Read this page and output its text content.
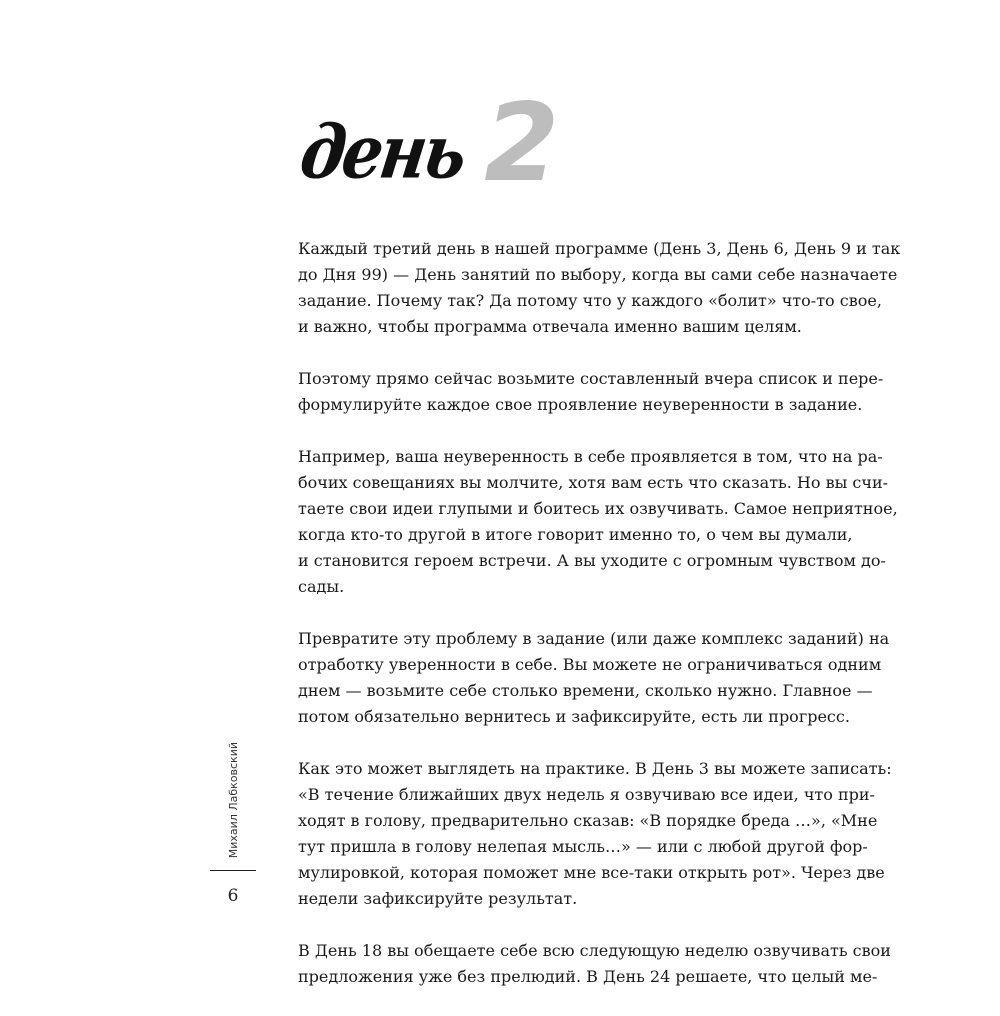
день 2

Каждый третий день в нашей программе (День 3, День 6, День 9 и так
до Дня 99) — День занятий по выбору, когда вы сами себе назначаете
задание. Почему так? Да потому что у каждого «болит» что-то свое,
и важно, чтобы программа отвечала именно вашим целям.

Поэтому прямо сейчас возьмите составленный вчера список и пере-
формулируйте каждое свое проявление неуверенности в задание.

Например, ваша неуверенность в себе проявляется в том, что на ра-
бочих совещаниях вы молчите, хотя вам есть что сказать. Но вы счи-
таете свои идеи глупыми и боитесь их озвучивать. Самое неприятное,
когда кто-то другой в итоге говорит именно то, о чем вы думали,
и становится героем встречи. А вы уходите с огромным чувством до-
сады.

Превратите эту проблему в задание (или даже комплекс заданий) на
отработку уверенности в себе. Вы можете не ограничиваться одним
днем — возьмите себе столько времени, сколько нужно. Главное —
потом обязательно вернитесь и зафиксируйте, есть ли прогресс.

Как это может выглядеть на практике. В День 3 вы можете записать:
«В течение ближайших двух недель я озвучиваю все идеи, что при-
ходят в голову, предварительно сказав: «В порядке бреда …», «Мне
тут пришла в голову нелепая мысль…» — или с любой другой фор-
мулировкой, которая поможет мне все-таки открыть рот». Через две
недели зафиксируйте результат.

В День 18 вы обещаете себе всю следующую неделю озвучивать свои
предложения уже без прелюдий. В День 24 решаете, что целый ме-

Михаил Лабковский
6
